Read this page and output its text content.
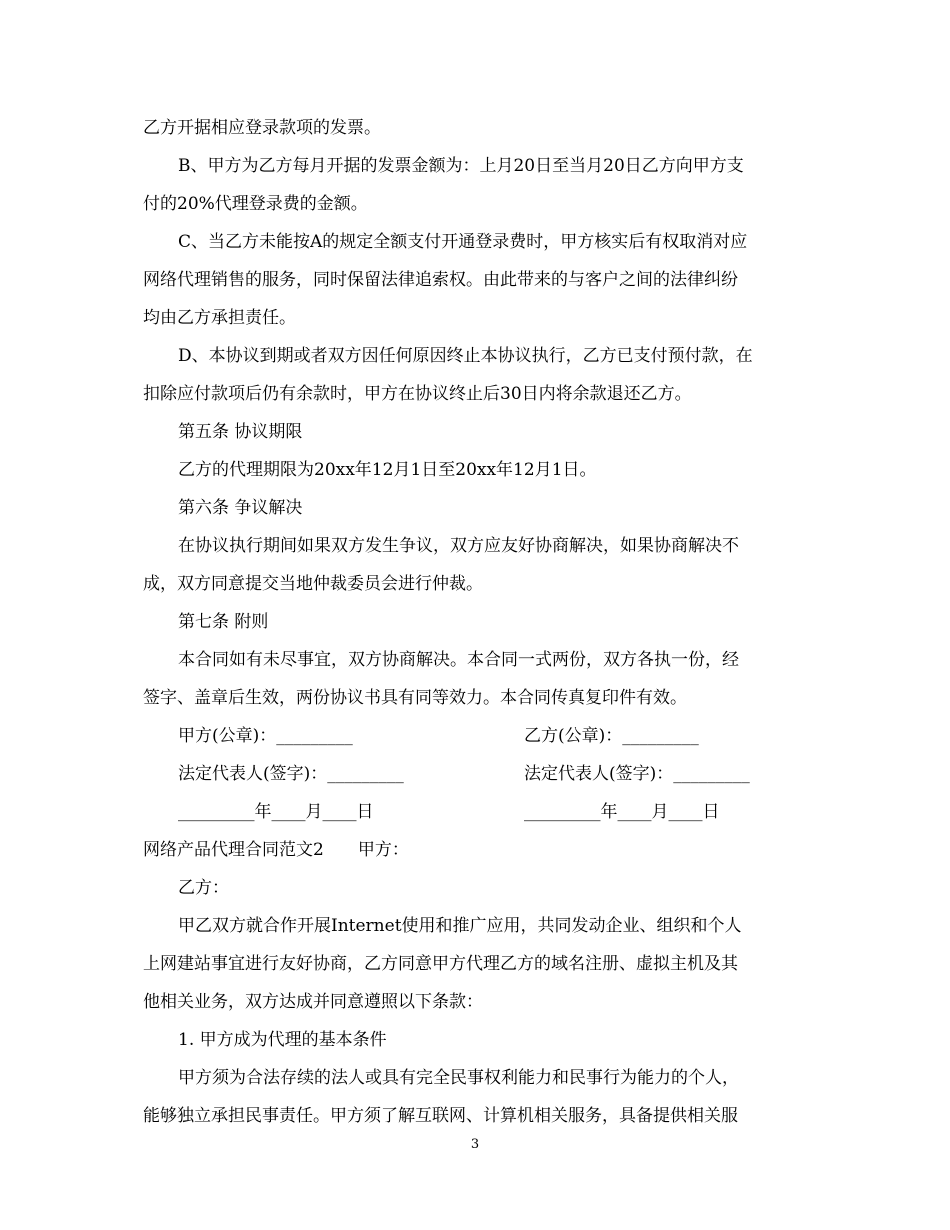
乙方开据相应登录款项的发票。
B、甲方为乙方每月开据的发票金额为：上月20日至当月20日乙方向甲方支
付的20%代理登录费的金额。
C、当乙方未能按A的规定全额支付开通登录费时，甲方核实后有权取消对应
网络代理销售的服务，同时保留法律追索权。由此带来的与客户之间的法律纠纷
均由乙方承担责任。
D、本协议到期或者双方因任何原因终止本协议执行，乙方已支付预付款，在
扣除应付款项后仍有余款时，甲方在协议终止后30日内将余款退还乙方。
第五条 协议期限
乙方的代理期限为20xx年12月1日至20xx年12月1日。
第六条 争议解决
在协议执行期间如果双方发生争议，双方应友好协商解决，如果协商解决不
成，双方同意提交当地仲裁委员会进行仲裁。
第七条 附则
本合同如有未尽事宜，双方协商解决。本合同一式两份，双方各执一份，经
签字、盖章后生效，两份协议书具有同等效力。本合同传真复印件有效。
甲方(公章)：_________	乙方(公章)：_________
法定代表人(签字)：_________	法定代表人(签字)：_________
_________年____月____日	_________年____月____日
网络产品代理合同范文2　　甲方：
乙方：
甲乙双方就合作开展Internet使用和推广应用，共同发动企业、组织和个人
上网建站事宜进行友好协商，乙方同意甲方代理乙方的域名注册、虚拟主机及其
他相关业务，双方达成并同意遵照以下条款：
1. 甲方成为代理的基本条件
甲方须为合法存续的法人或具有完全民事权利能力和民事行为能力的个人，
能够独立承担民事责任。甲方须了解互联网、计算机相关服务，具备提供相关服
3
